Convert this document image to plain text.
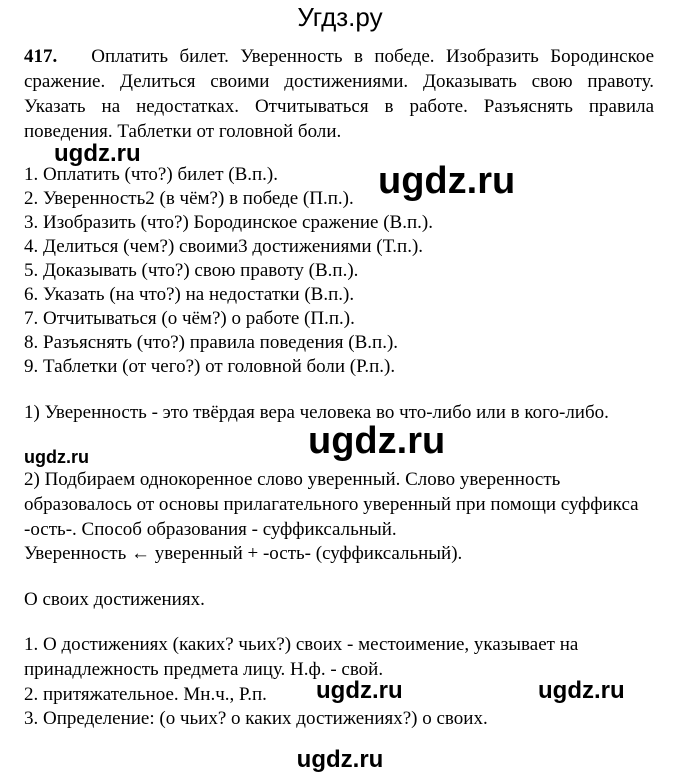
Угдз.ру
417. Оплатить билет. Уверенность в победе. Изобразить Бородинское сражение. Делиться своими достижениями. Доказывать свою правоту. Указать на недостатках. Отчитываться в работе. Разъяснять правила поведения. Таблетки от головной боли.
ugdz.ru
ugdz.ru
1. Оплатить (что?) билет (В.п.).
2. Уверенность2 (в чём?) в победе (П.п.).
3. Изобразить (что?) Бородинское сражение (В.п.).
4. Делиться (чем?) своими3 достижениями (Т.п.).
5. Доказывать (что?) свою правоту (В.п.).
6. Указать (на что?) на недостатки (В.п.).
7. Отчитываться (о чём?) о работе (П.п.).
8. Разъяснять (что?) правила поведения (В.п.).
9. Таблетки (от чего?) от головной боли (Р.п.).
1) Уверенность - это твёрдая вера человека во что-либо или в кого-либо.
ugdz.ru
ugdz.ru
2) Подбираем однокоренное слово уверенный. Слово уверенность образовалось от основы прилагательного уверенный при помощи суффикса -ость-. Способ образования - суффиксальный.
Уверенность ← уверенный + -ость- (суффиксальный).
О своих достижениях.
1. О достижениях (каких? чьих?) своих - местоимение, указывает на принадлежность предмета лицу. Н.ф. - свой.
2. притяжательное. Мн.ч., Р.п. ugdz.ru	ugdz.ru
3. Определение: (о чьих? о каких достижениях?) о своих.
ugdz.ru
